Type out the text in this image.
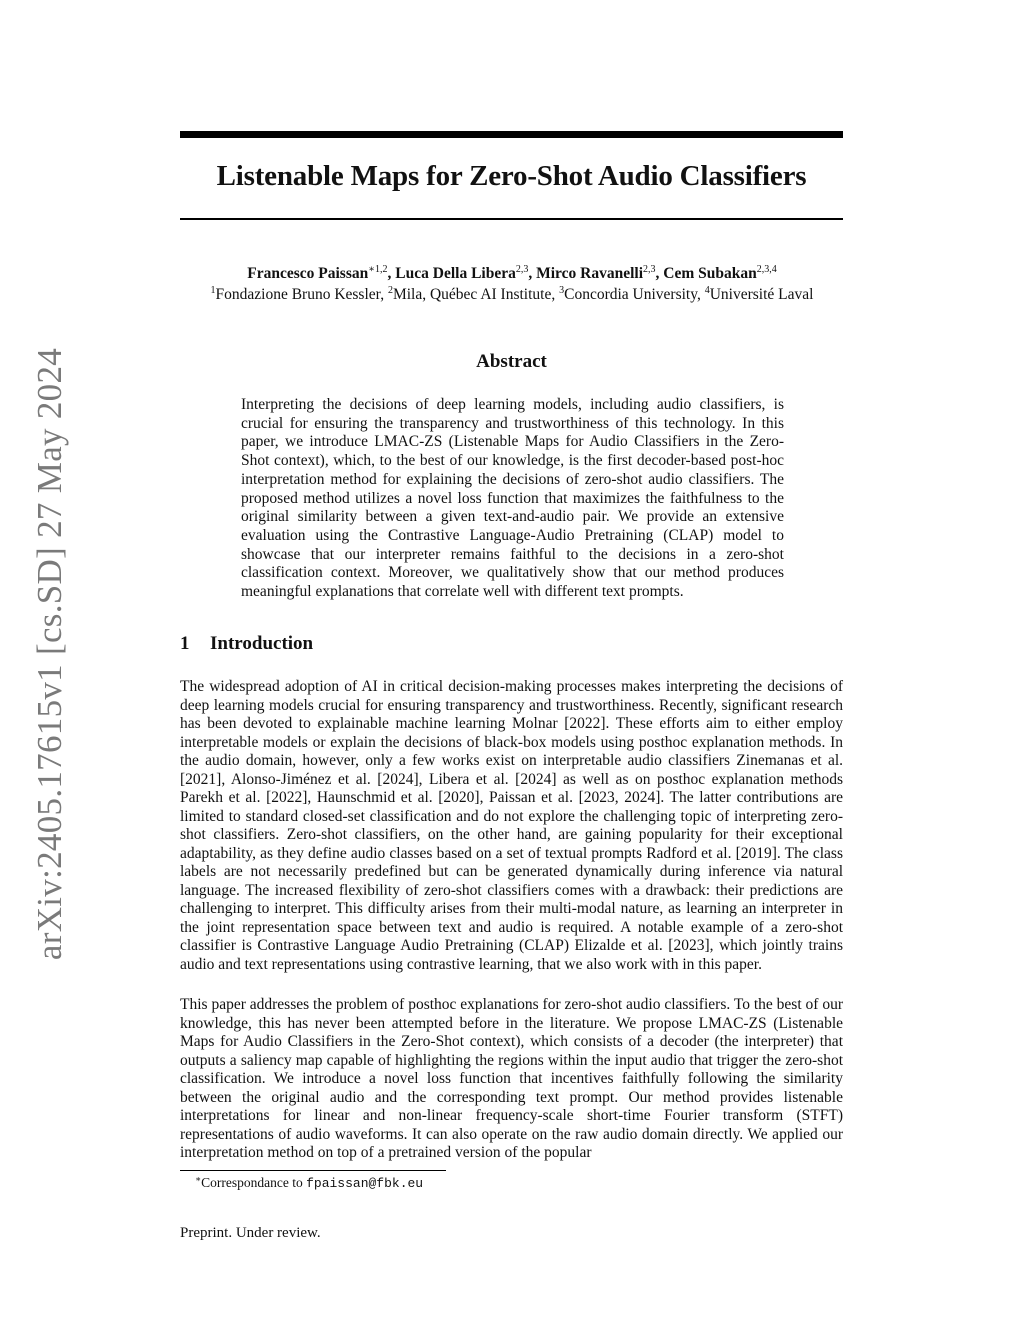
arXiv:2405.17615v1 [cs.SD] 27 May 2024
Listenable Maps for Zero-Shot Audio Classifiers
Francesco Paissan$^{∗1,2}$, Luca Della Libera$^{2,3}$, Mirco Ravanelli$^{2,3}$, Cem Subakan$^{2,3,4}$
$^1$Fondazione Bruno Kessler, $^2$Mila, Québec AI Institute, $^3$Concordia University, $^4$Université Laval
Abstract

Interpreting the decisions of deep learning models, including audio classifiers, is crucial for ensuring the transparency and trustworthiness of this technology. In this paper, we introduce LMAC-ZS (Listenable Maps for Audio Classifiers in the Zero-Shot context), which, to the best of our knowledge, is the first decoder-based post-hoc interpretation method for explaining the decisions of zero-shot audio classifiers. The proposed method utilizes a novel loss function that maximizes the faithfulness to the original similarity between a given text-and-audio pair. We provide an extensive evaluation using the Contrastive Language-Audio Pretraining (CLAP) model to showcase that our interpreter remains faithful to the decisions in a zero-shot classification context. Moreover, we qualitatively show that our method produces meaningful explanations that correlate well with different text prompts.

1 Introduction

The widespread adoption of AI in critical decision-making processes makes interpreting the decisions of deep learning models crucial for ensuring transparency and trustworthiness. Recently, significant research has been devoted to explainable machine learning Molnar [2022]. These efforts aim to either employ interpretable models or explain the decisions of black-box models using posthoc explanation methods. In the audio domain, however, only a few works exist on interpretable audio classifiers Zinemanas et al. [2021], Alonso-Jiménez et al. [2024], Libera et al. [2024] as well as on posthoc explanation methods Parekh et al. [2022], Haunschmid et al. [2020], Paissan et al. [2023, 2024]. The latter contributions are limited to standard closed-set classification and do not explore the challenging topic of interpreting zero-shot classifiers. Zero-shot classifiers, on the other hand, are gaining popularity for their exceptional adaptability, as they define audio classes based on a set of textual prompts Radford et al. [2019]. The class labels are not necessarily predefined but can be generated dynamically during inference via natural language. The increased flexibility of zero-shot classifiers comes with a drawback: their predictions are challenging to interpret. This difficulty arises from their multi-modal nature, as learning an interpreter in the joint representation space between text and audio is required. A notable example of a zero-shot classifier is Contrastive Language Audio Pretraining (CLAP) Elizalde et al. [2023], which jointly trains audio and text representations using contrastive learning, that we also work with in this paper.

This paper addresses the problem of posthoc explanations for zero-shot audio classifiers. To the best of our knowledge, this has never been attempted before in the literature. We propose LMAC-ZS (Listenable Maps for Audio Classifiers in the Zero-Shot context), which consists of a decoder (the interpreter) that outputs a saliency map capable of highlighting the regions within the input audio that trigger the zero-shot classification. We introduce a novel loss function that incentives faithfully following the similarity between the original audio and the corresponding text prompt. Our method provides listenable interpretations for linear and non-linear frequency-scale short-time Fourier transform (STFT) representations of audio waveforms. It can also operate on the raw audio domain directly. We applied our interpretation method on top of a pretrained version of the popular

∗Correspondance to fpaissan@fbk.eu
Preprint. Under review.
